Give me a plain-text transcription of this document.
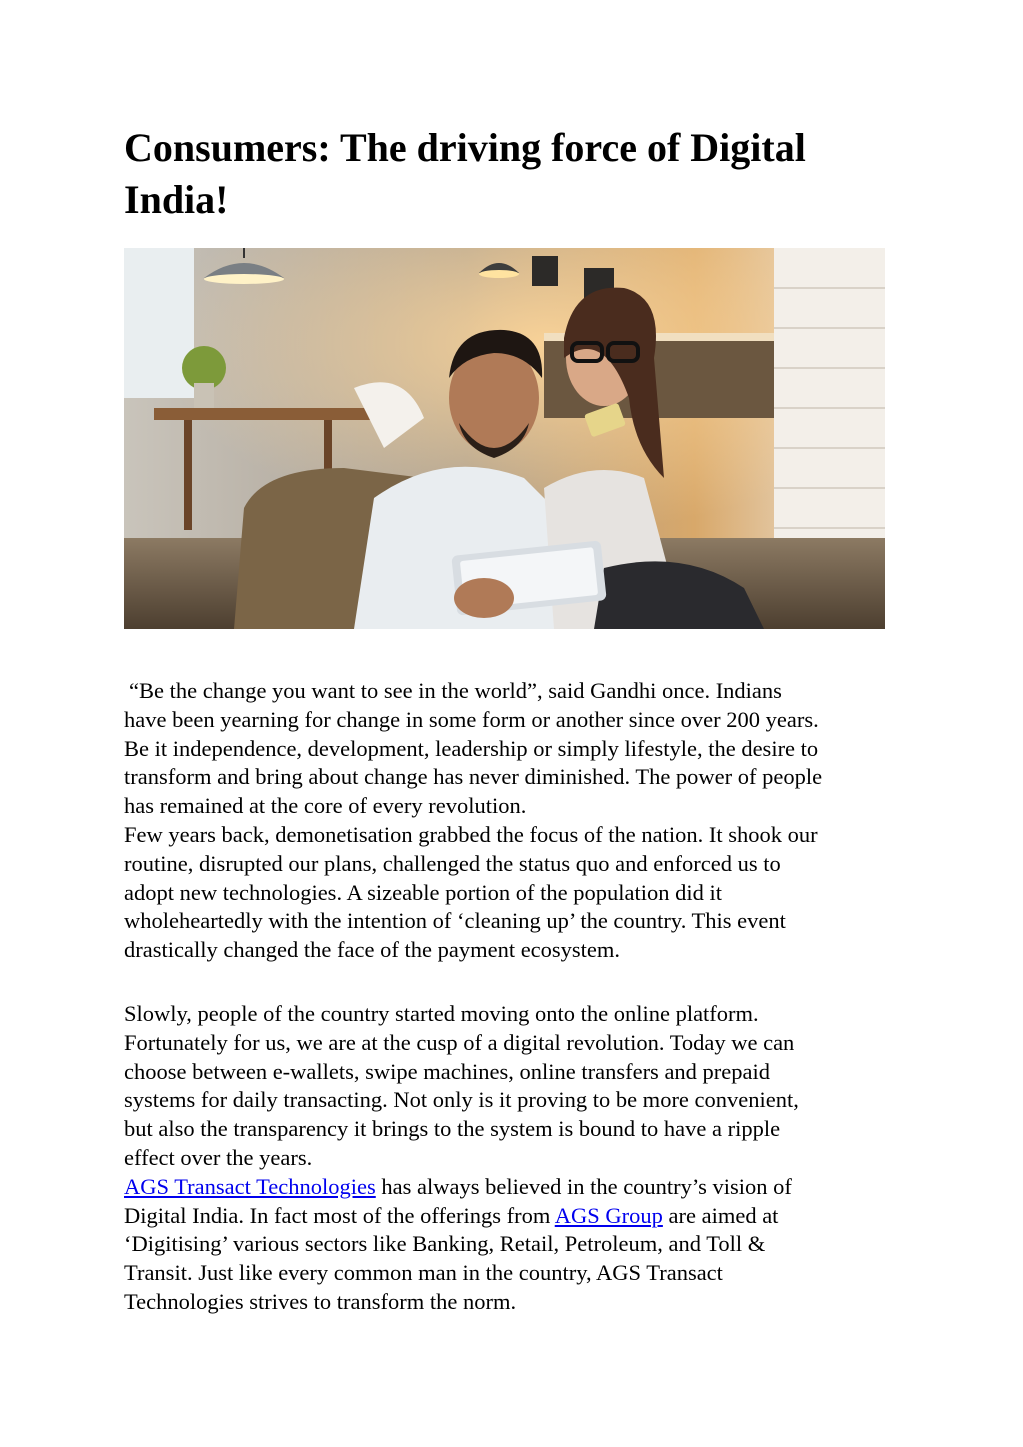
Consumers: The driving force of Digital India!
“Be the change you want to see in the world”, said Gandhi once. Indians
have been yearning for change in some form or another since over 200 years.
Be it independence, development, leadership or simply lifestyle, the desire to
transform and bring about change has never diminished. The power of people
has remained at the core of every revolution.
Few years back, demonetisation grabbed the focus of the nation. It shook our
routine, disrupted our plans, challenged the status quo and enforced us to
adopt new technologies. A sizeable portion of the population did it
wholeheartedly with the intention of ‘cleaning up’ the country. This event
drastically changed the face of the payment ecosystem.
Slowly, people of the country started moving onto the online platform.
Fortunately for us, we are at the cusp of a digital revolution. Today we can
choose between e-wallets, swipe machines, online transfers and prepaid
systems for daily transacting. Not only is it proving to be more convenient,
but also the transparency it brings to the system is bound to have a ripple
effect over the years.
AGS Transact Technologies has always believed in the country’s vision of
Digital India. In fact most of the offerings from AGS Group are aimed at
‘Digitising’ various sectors like Banking, Retail, Petroleum, and Toll &
Transit. Just like every common man in the country, AGS Transact
Technologies strives to transform the norm.
